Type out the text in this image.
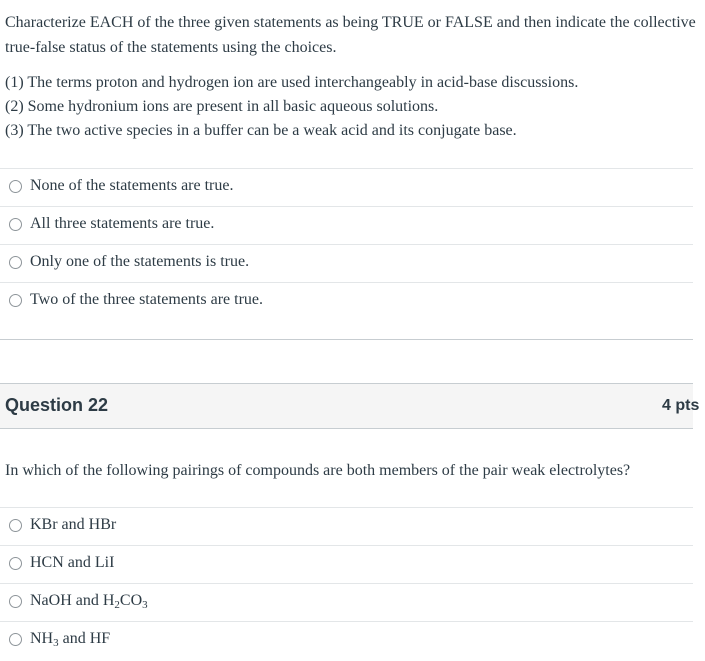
Characterize EACH of the three given statements as being TRUE or FALSE and then indicate the collective
true-false status of the statements using the choices.
(1) The terms proton and hydrogen ion are used interchangeably in acid-base discussions.
(2) Some hydronium ions are present in all basic aqueous solutions.
(3) The two active species in a buffer can be a weak acid and its conjugate base.
None of the statements are true.
All three statements are true.
Only one of the statements is true.
Two of the three statements are true.
Question 22	4 pts
In which of the following pairings of compounds are both members of the pair weak electrolytes?
KBr and HBr
HCN and LiI
NaOH and $H_2CO_3$
$NH_3$ and HF
